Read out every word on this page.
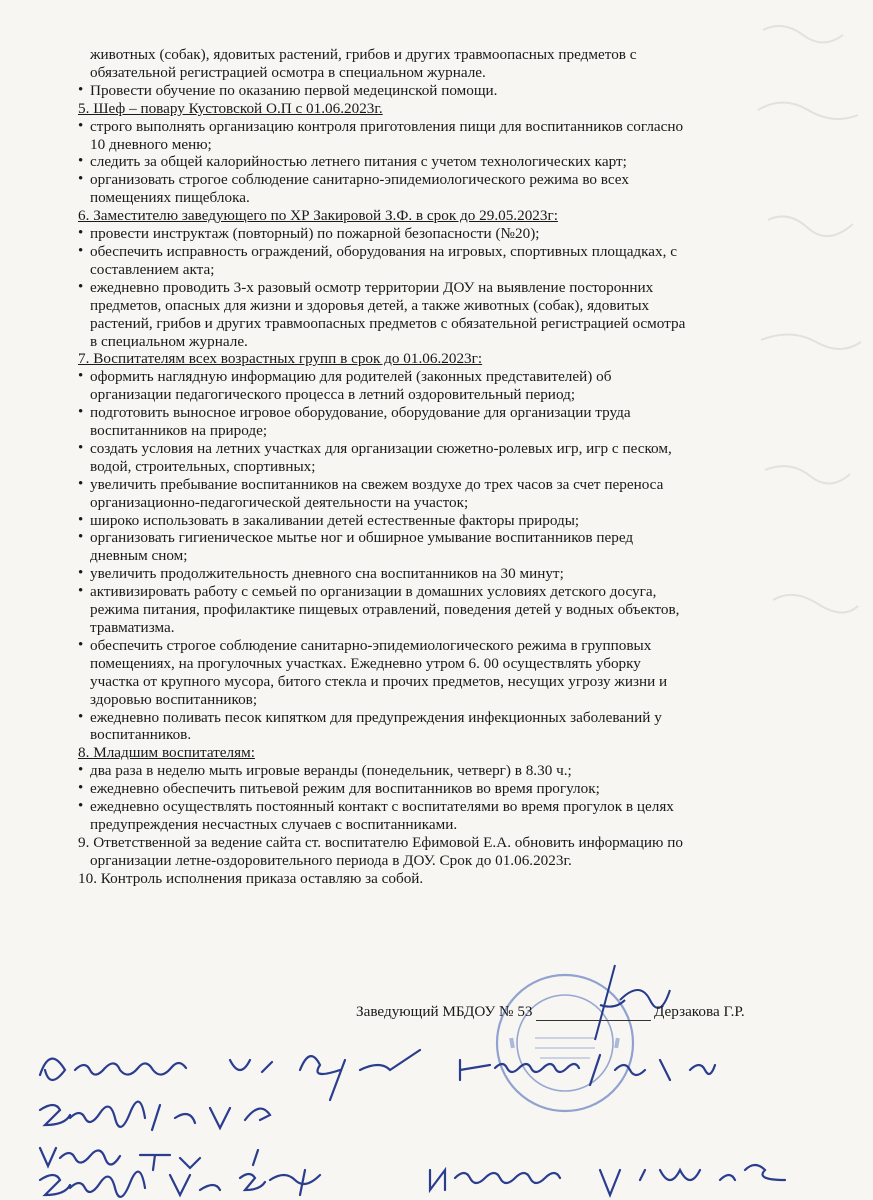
животных (собак), ядовитых растений, грибов и других травмоопасных предметов с
обязательной регистрацией осмотра в специальном журнале.
• Провести обучение по оказанию первой медецинской помощи.
5. Шеф – повару Кустовской О.П с 01.06.2023г.
• строго выполнять организацию контроля приготовления пищи для воспитанников согласно
10 дневного меню;
• следить за общей калорийностью летнего питания с учетом технологических карт;
• организовать строгое соблюдение санитарно-эпидемиологического режима во всех
помещениях пищеблока.
6. Заместителю заведующего по ХР Закировой З.Ф. в срок до 29.05.2023г:
• провести инструктаж (повторный) по пожарной безопасности (№20);
• обеспечить исправность ограждений, оборудования на игровых, спортивных площадках, с
составлением акта;
• ежедневно проводить 3-х разовый осмотр территории ДОУ на выявление посторонних
предметов, опасных для жизни и здоровья детей, а также животных (собак), ядовитых
растений, грибов и других травмоопасных предметов с обязательной регистрацией осмотра
в специальном журнале.
7. Воспитателям всех возрастных групп в срок до 01.06.2023г:
• оформить наглядную информацию для родителей (законных представителей) об
организации педагогического процесса в летний оздоровительный период;
• подготовить выносное игровое оборудование, оборудование для организации труда
воспитанников на природе;
• создать условия на летних участках для организации сюжетно-ролевых игр, игр с песком,
водой, строительных, спортивных;
• увеличить пребывание воспитанников на свежем воздухе до трех часов за счет переноса
организационно-педагогической деятельности на участок;
• широко использовать в закаливании детей естественные факторы природы;
• организовать гигиеническое мытье ног и обширное умывание воспитанников перед
дневным сном;
• увеличить продолжительность дневного сна воспитанников на 30 минут;
• активизировать работу с семьей по организации в домашних условиях детского досуга,
режима питания, профилактике пищевых отравлений, поведения детей у водных объектов,
травматизма.
• обеспечить строгое соблюдение санитарно-эпидемиологического режима в групповых
помещениях, на прогулочных участках. Ежедневно утром 6. 00 осуществлять уборку
участка от крупного мусора, битого стекла и прочих предметов, несущих угрозу жизни и
здоровью воспитанников;
• ежедневно поливать песок кипятком для предупреждения инфекционных заболеваний у
воспитанников.
8. Младшим воспитателям:
• два раза в неделю мыть игровые веранды (понедельник, четверг) в 8.30 ч.;
• ежедневно обеспечить питьевой режим для воспитанников во время прогулок;
• ежедневно осуществлять постоянный контакт с воспитателями во время прогулок в целях
предупреждения несчастных случаев с воспитанниками.
9. Ответственной за ведение сайта ст. воспитателю Ефимовой Е.А. обновить информацию по
организации летне-оздоровительного периода в ДОУ. Срок до 01.06.2023г.
10. Контроль исполнения приказа оставляю за собой.
Заведующий МБДОУ № 53	Дерзакова Г.Р.
